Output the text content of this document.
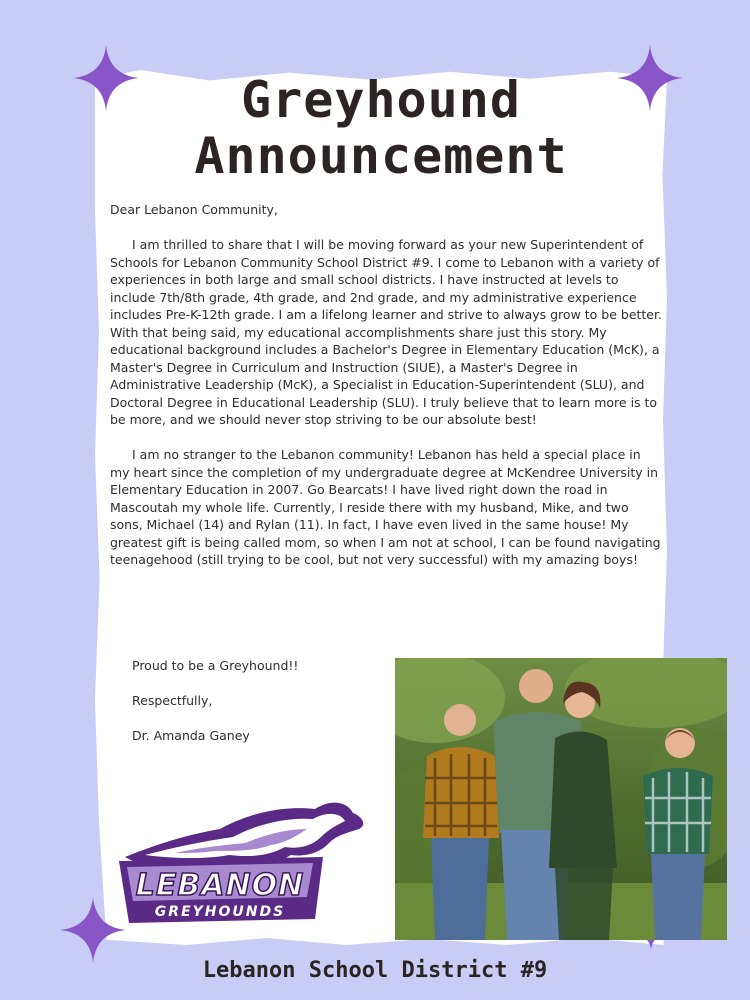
Greyhound
Announcement

Dear Lebanon Community,

I am thrilled to share that I will be moving forward as your new Superintendent of Schools for Lebanon Community School District #9. I come to Lebanon with a variety of experiences in both large and small school districts. I have instructed at levels to include 7th/8th grade, 4th grade, and 2nd grade, and my administrative experience includes Pre-K-12th grade. I am a lifelong learner and strive to always grow to be better. With that being said, my educational accomplishments share just this story. My educational background includes a Bachelor's Degree in Elementary Education (McK), a Master's Degree in Curriculum and Instruction (SIUE), a Master's Degree in Administrative Leadership (McK), a Specialist in Education-Superintendent (SLU), and Doctoral Degree in Educational Leadership (SLU). I truly believe that to learn more is to be more, and we should never stop striving to be our absolute best!

I am no stranger to the Lebanon community! Lebanon has held a special place in my heart since the completion of my undergraduate degree at McKendree University in Elementary Education in 2007. Go Bearcats! I have lived right down the road in Mascoutah my whole life. Currently, I reside there with my husband, Mike, and two sons, Michael (14) and Rylan (11). In fact, I have even lived in the same house! My greatest gift is being called mom, so when I am not at school, I can be found navigating teenagehood (still trying to be cool, but not very successful) with my amazing boys!

Proud to be a Greyhound!!
Respectfully,
Dr. Amanda Ganey
LEBANON
GREYHOUNDS
Lebanon School District #9
